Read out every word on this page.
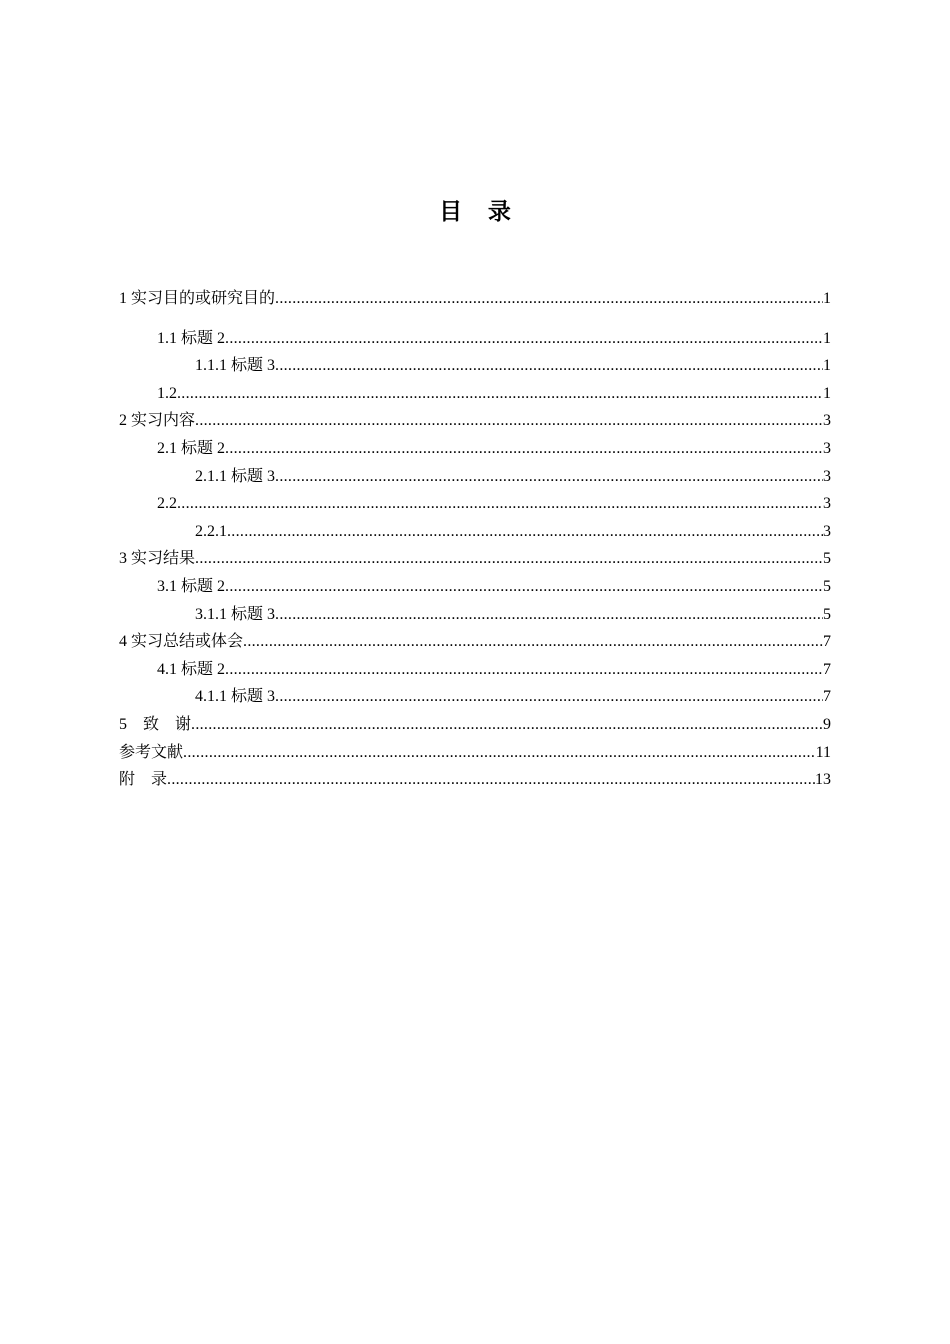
目 录
1 实习目的或研究目的 .....	1
1.1 标题 2 .....	1
1.1.1 标题 3 .....	1
1.2 .....	1
2 实习内容 .....	3
2.1 标题 2 .....	3
2.1.1 标题 3 .....	3
2.2 .....	3
2.2.1 .....	3
3 实习结果 .....	5
3.1 标题 2 .....	5
3.1.1 标题 3 .....	5
4 实习总结或体会 .....	7
4.1 标题 2 .....	7
4.1.1 标题 3 .....	7
5　致　谢 .....	9
参考文献 .....	11
附　录 .....	13
